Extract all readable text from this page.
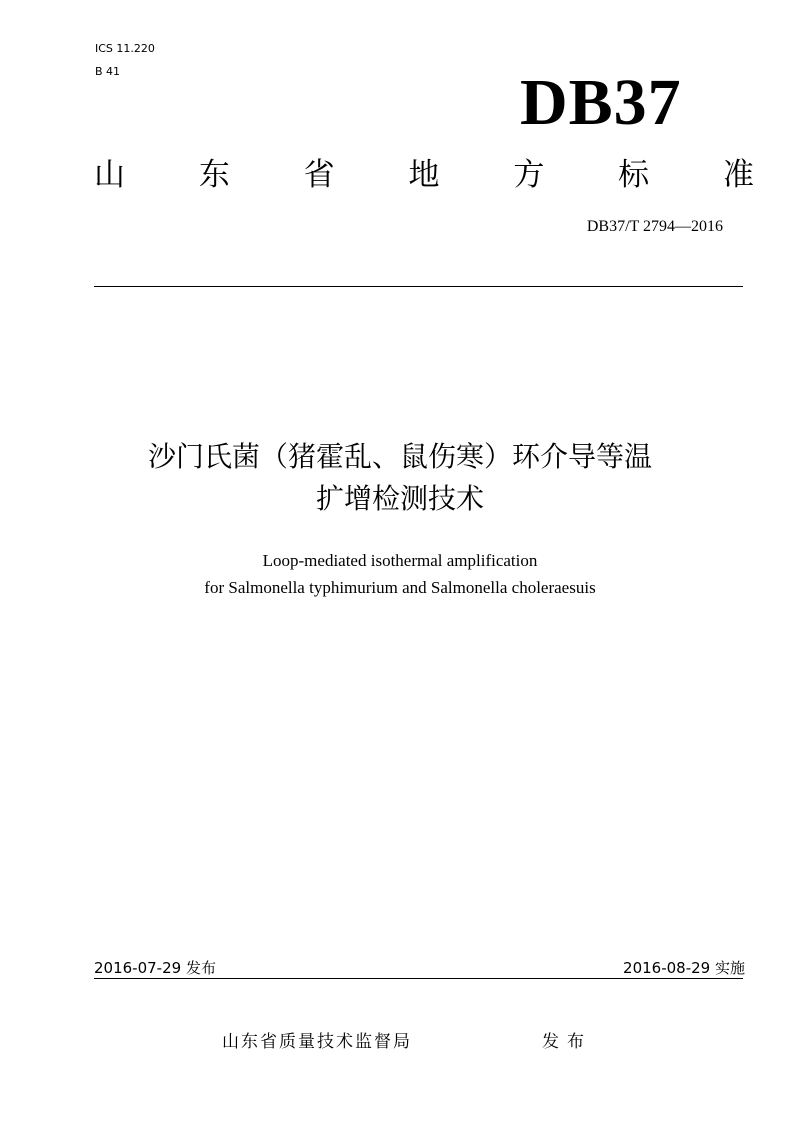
ICS 11.220
B 41	DB37
山 东 省 地 方 标 准
DB37/T 2794—2016
沙门氏菌（猪霍乱、鼠伤寒）环介导等温
扩增检测技术
Loop-mediated isothermal amplification
for Salmonella typhimurium and Salmonella choleraesuis
2016-07-29 发布	2016-08-29 实施
山东省质量技术监督局	发布
